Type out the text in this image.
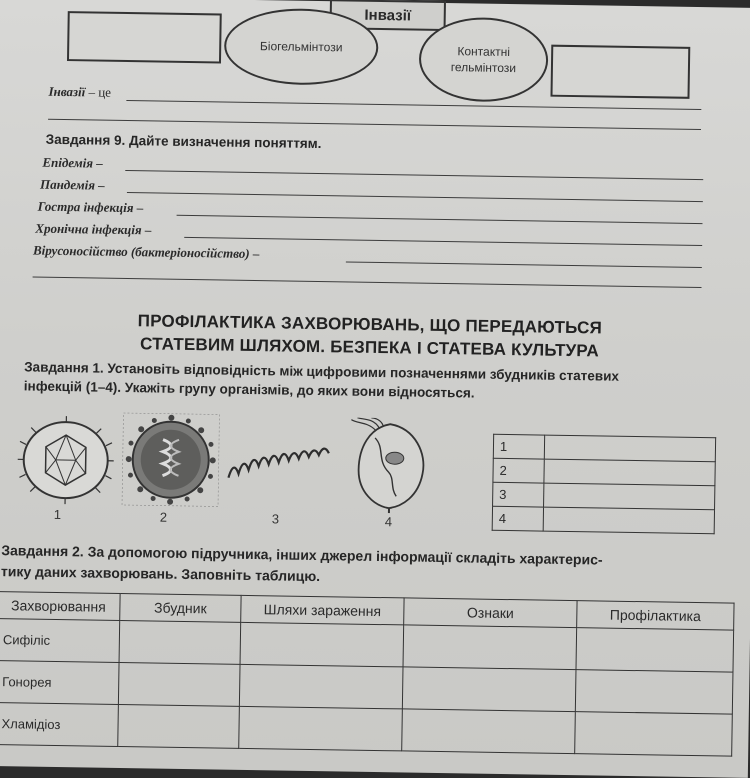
Інвазії
Біогельмінтози	Контактні гельмінтози
Інвазії – це
Завдання 9. Дайте визначення поняттям.
Епідемія –
Пандемія –
Гостра інфекція –
Хронічна інфекція –
Вірусоносійство (бактеріоносійство) –
ПРОФІЛАКТИКА ЗАХВОРЮВАНЬ, ЩО ПЕРЕДАЮТЬСЯ
СТАТЕВИМ ШЛЯХОМ. БЕЗПЕКА І СТАТЕВА КУЛЬТУРА
Завдання 1. Установіть відповідність між цифровими позначеннями збудників статевих
інфекцій (1–4). Укажіть групу організмів, до яких вони відносяться.
1	2	3	4
1	
2	
3	
4	
Завдання 2. За допомогою підручника, інших джерел інформації складіть характерис-
тику даних захворювань. Заповніть таблицю.
Захворювання	Збудник	Шляхи зараження	Ознаки	Профілактика
Сифіліс				
Гонорея				
Хламідіоз				
